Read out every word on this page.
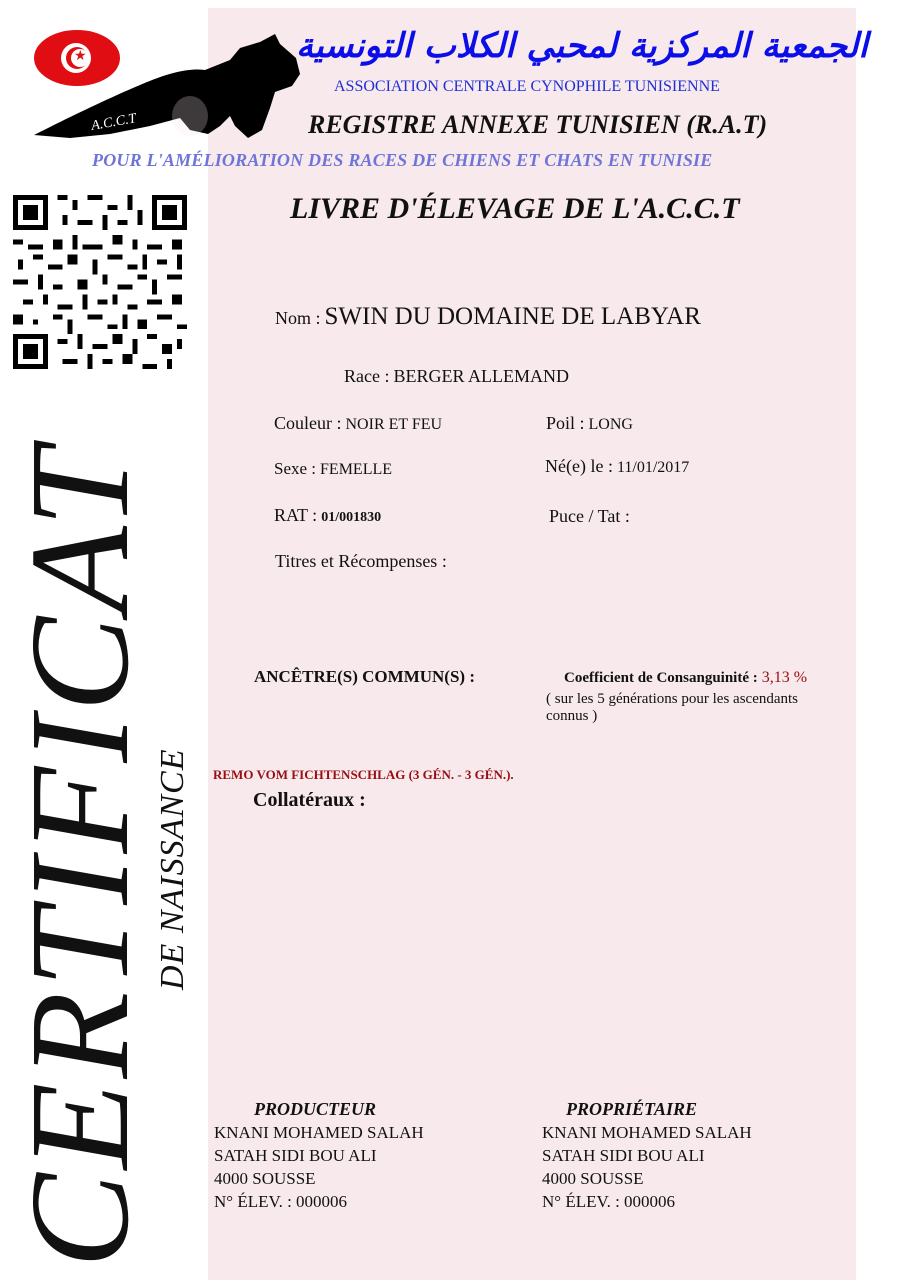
★
A.C.C.T
الجمعية المركزية لمحبي الكلاب التونسية
ASSOCIATION CENTRALE CYNOPHILE TUNISIENNE
REGISTRE ANNEXE TUNISIEN (R.A.T)
POUR L'AMÉLIORATION DES RACES DE CHIENS ET CHATS EN TUNISIE
LIVRE D'ÉLEVAGE DE L'A.C.C.T
CERTIFICAT
DE NAISSANCE
Nom : SWIN DU DOMAINE DE LABYAR
Race : BERGER ALLEMAND
Couleur : NOIR ET FEU	Poil : LONG
Sexe : FEMELLE	Né(e) le : 11/01/2017
RAT : 01/001830	Puce / Tat :
Titres et Récompenses :
ANCÊTRE(S) COMMUN(S) :	Coefficient de Consanguinité : 3,13 %
( sur les 5 générations pour les ascendants
connus )
REMO VOM FICHTENSCHLAG (3 GÉN. - 3 GÉN.).
Collatéraux :
PRODUCTEUR
KNANI MOHAMED SALAH
SATAH SIDI BOU ALI
4000 SOUSSE
N° ÉLEV. : 000006
PROPRIÉTAIRE
KNANI MOHAMED SALAH
SATAH SIDI BOU ALI
4000 SOUSSE
N° ÉLEV. : 000006
